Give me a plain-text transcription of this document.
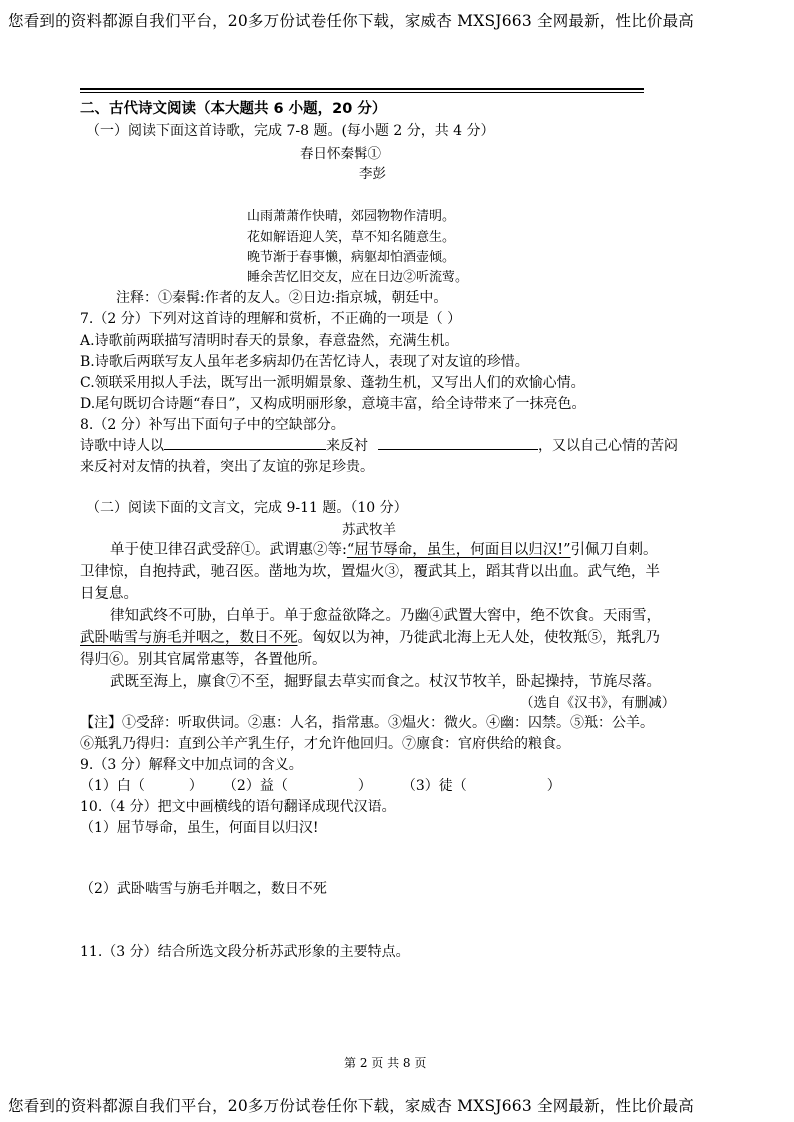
您看到的资料都源自我们平台，20多万份试卷任你下载，家威杏 MXSJ663 全网最新，性比价最高
二、古代诗文阅读（本大题共 6 小题，20 分）
（一）阅读下面这首诗歌，完成 7-8 题。(每小题 2 分，共 4 分）
春日怀秦髯①
李彭
山雨萧萧作快晴，郊园物物作清明。
花如解语迎人笑，草不知名随意生。
晚节渐于春事懒，病躯却怕酒壶倾。
睡余苦忆旧交友，应在日边②听流莺。
注释：①秦髯:作者的友人。②日边:指京城，朝廷中。
7.（2 分）下列对这首诗的理解和赏析，不正确的一项是（ ）
A.诗歌前两联描写清明时春天的景象，春意盎然，充满生机。
B.诗歌后两联写友人虽年老多病却仍在苦忆诗人，表现了对友谊的珍惜。
C.领联采用拟人手法，既写出一派明媚景象、蓬勃生机，又写出人们的欢愉心情。
D.尾句既切合诗题“春日”，又构成明丽形象，意境丰富，给全诗带来了一抹亮色。
8.（2 分）补写出下面句子中的空缺部分。
诗歌中诗人以	来反衬	，又以自己心情的苦闷
来反衬对友情的执着，突出了友谊的弥足珍贵。
（二）阅读下面的文言文，完成 9-11 题。（10 分）
苏武牧羊
单于使卫律召武受辞①。武谓惠②等:“屈节辱命，虽生，何面目以归汉!”引佩刀自刺。
卫律惊，自抱持武，驰召医。凿地为坎，置煴火③，覆武其上，蹈其背以出血。武气绝，半
日复息。
律知武终不可胁，白单于。单于愈益欲降之。乃幽④武置大窖中，绝不饮食。天雨雪，
武卧啮雪与旃毛并咽之，数日不死。匈奴以为神，乃徙武北海上无人处，使牧羝⑤，羝乳乃
得归⑥。别其官属常惠等，各置他所。
武既至海上，廪食⑦不至，掘野鼠去草实而食之。杖汉节牧羊，卧起操持，节旄尽落。
（选自《汉书》，有删减）
【注】①受辞：听取供词。②惠：人名，指常惠。③煴火：微火。④幽：囚禁。⑤羝：公羊。
⑥羝乳乃得归：直到公羊产乳生仔，才允许他回归。⑦廪食：官府供给的粮食。
9.（3 分）解释文中加点词的含义。
（1）白（	） （2）益（	） （3）徒（	）
10.（4 分）把文中画横线的语句翻译成现代汉语。
（1）屈节辱命，虽生，何面目以归汉!
（2）武卧啮雪与旃毛并咽之，数日不死
11.（3 分）结合所选文段分析苏武形象的主要特点。
第 2 页 共 8 页
您看到的资料都源自我们平台，20多万份试卷任你下载，家威杏 MXSJ663 全网最新，性比价最高
